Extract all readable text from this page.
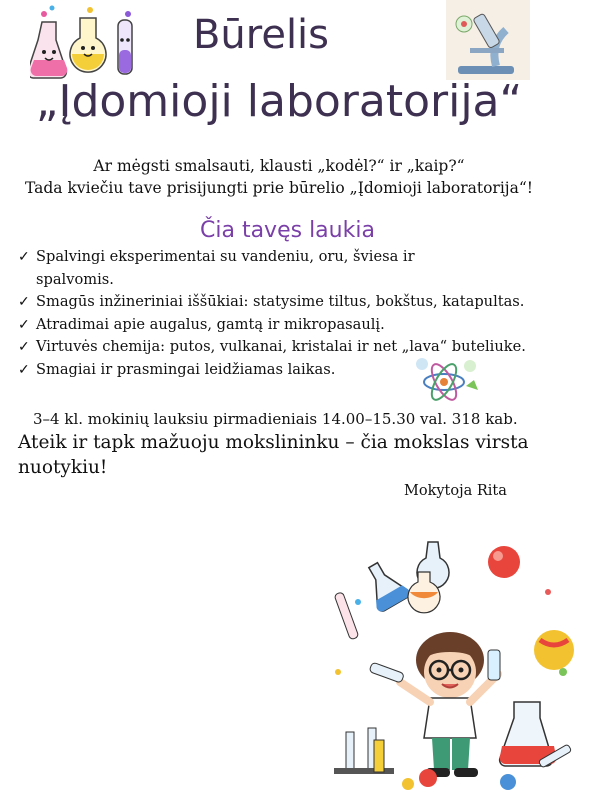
Būrelis
„Įdomioji laboratorija“
Ar mėgsti smalsauti, klausti „kodėl?“ ir „kaip?“
Tada kviečiu tave prisijungti prie būrelio „Įdomioji laboratorija“!
Čia tavęs laukia
✓ Spalvingi eksperimentai su vandeniu, oru, šviesa ir spalvomis.
✓ Smagūs inžineriniai iššūkiai: statysime tiltus, bokštus, katapultas.
✓ Atradimai apie augalus, gamtą ir mikropasaulį.
✓ Virtuvės chemija: putos, vulkanai, kristalai ir net „lava“ buteliuke.
✓ Smagiai ir prasmingai leidžiamas laikas.
3–4 kl. mokinių lauksiu pirmadieniais 14.00–15.30 val. 318 kab.
Ateik ir tapk mažuoju mokslininku – čia mokslas virsta nuotykiu!
Mokytoja Rita
